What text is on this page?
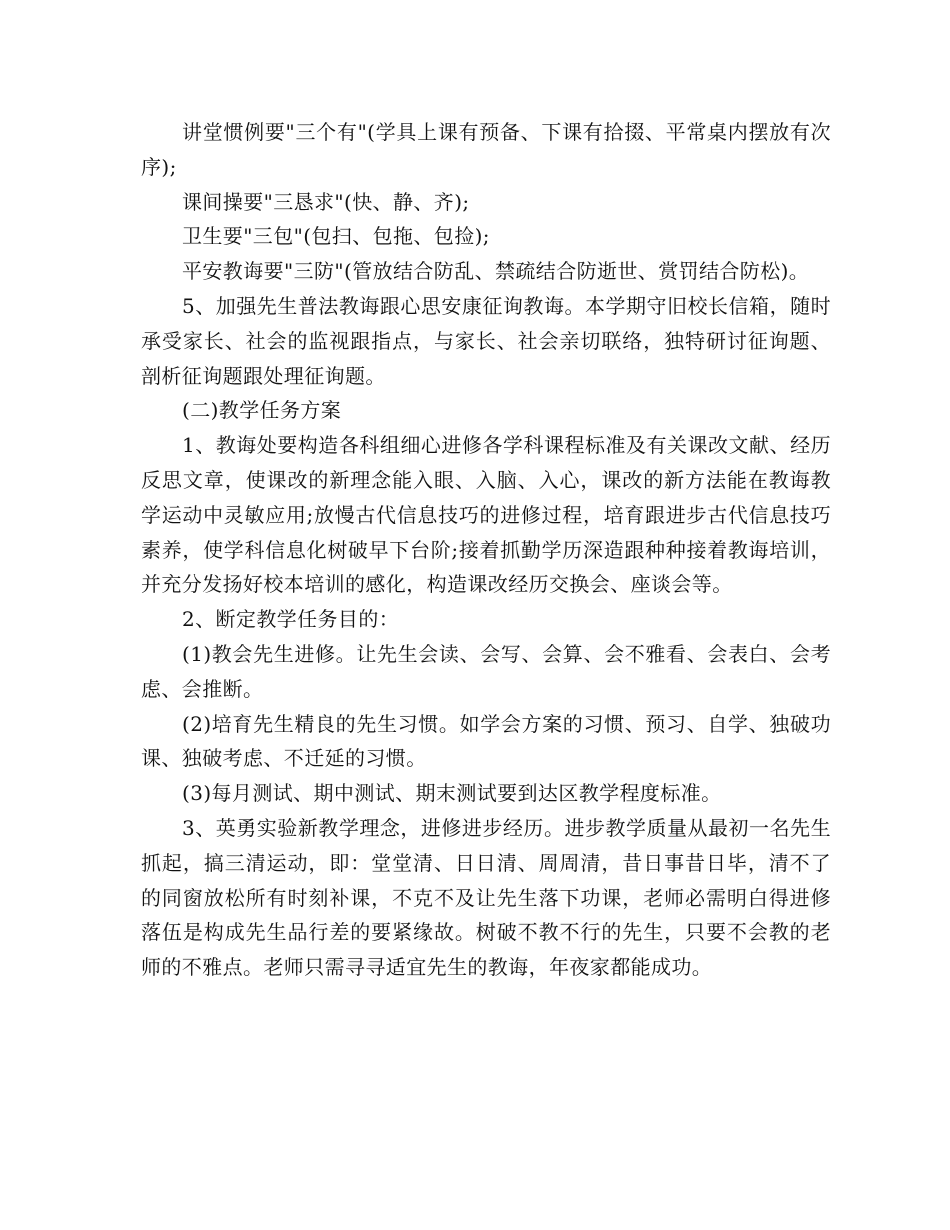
讲堂惯例要"三个有"(学具上课有预备、下课有拾掇、平常桌内摆放有次序);

课间操要"三恳求"(快、静、齐);

卫生要"三包"(包扫、包拖、包捡);

平安教诲要"三防"(管放结合防乱、禁疏结合防逝世、赏罚结合防松)。

5、加强先生普法教诲跟心思安康征询教诲。本学期守旧校长信箱，随时承受家长、社会的监视跟指点，与家长、社会亲切联络，独特研讨征询题、剖析征询题跟处理征询题。

(二)教学任务方案

1、教诲处要构造各科组细心进修各学科课程标准及有关课改文献、经历反思文章，使课改的新理念能入眼、入脑、入心，课改的新方法能在教诲教学运动中灵敏应用;放慢古代信息技巧的进修过程，培育跟进步古代信息技巧素养，使学科信息化树破早下台阶;接着抓勤学历深造跟种种接着教诲培训，并充分发扬好校本培训的感化，构造课改经历交换会、座谈会等。

2、断定教学任务目的：

(1)教会先生进修。让先生会读、会写、会算、会不雅看、会表白、会考虑、会推断。

(2)培育先生精良的先生习惯。如学会方案的习惯、预习、自学、独破功课、独破考虑、不迁延的习惯。

(3)每月测试、期中测试、期末测试要到达区教学程度标准。

3、英勇实验新教学理念，进修进步经历。进步教学质量从最初一名先生抓起，搞三清运动，即：堂堂清、日日清、周周清，昔日事昔日毕，清不了的同窗放松所有时刻补课，不克不及让先生落下功课，老师必需明白得进修落伍是构成先生品行差的要紧缘故。树破不教不行的先生，只要不会教的老师的不雅点。老师只需寻寻适宜先生的教诲，年夜家都能成功。
